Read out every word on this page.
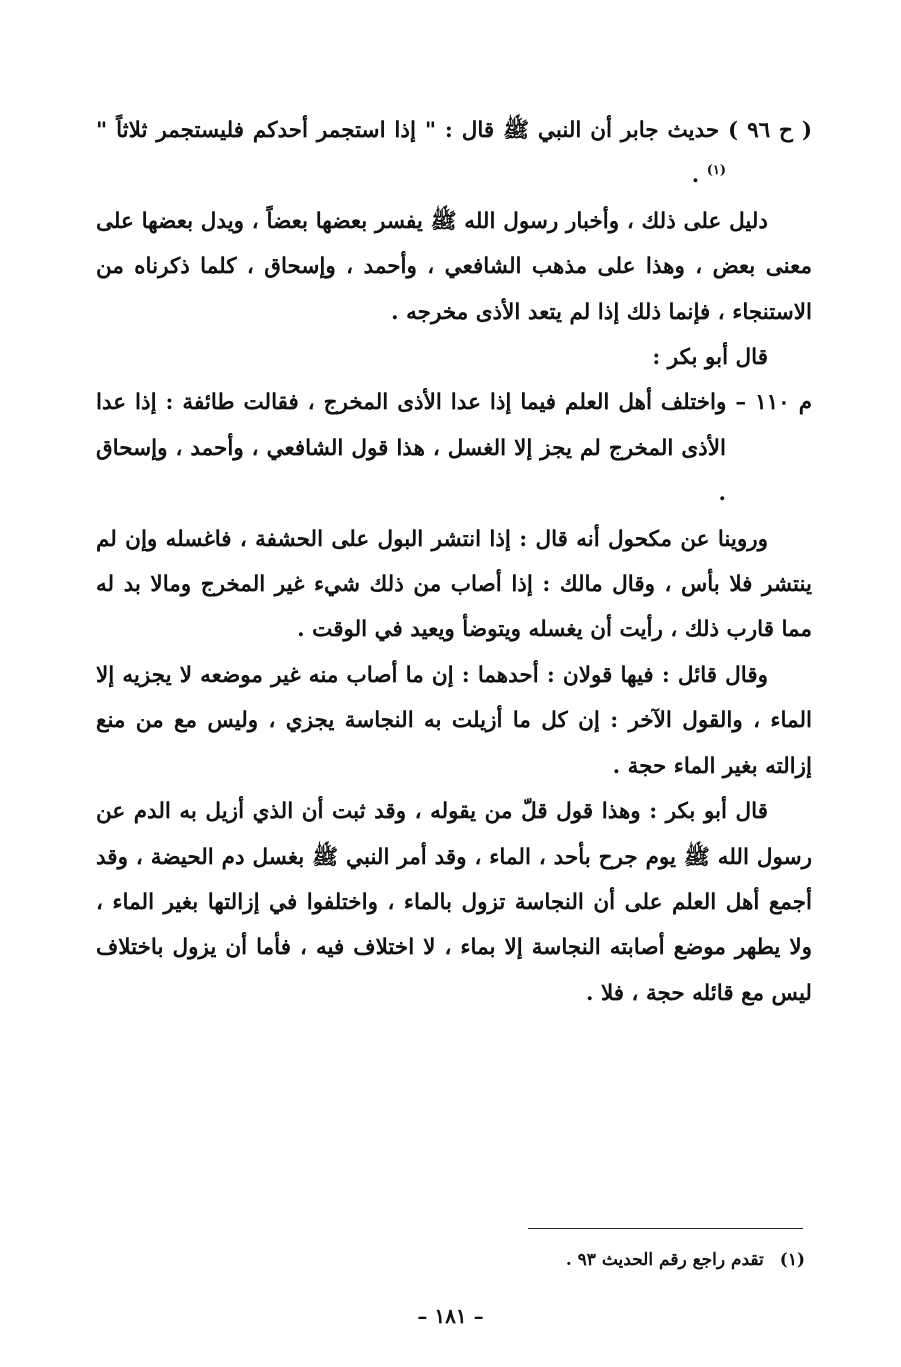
( ح ٩٦ ) حديث جابر أن النبي ﷺ قال : " إذا استجمر أحدكم فليستجمر ثلاثاً " $^{(١)}$ .

دليل على ذلك ، وأخبار رسول الله ﷺ يفسر بعضها بعضاً ، ويدل بعضها على معنى بعض ، وهذا على مذهب الشافعي ، وأحمد ، وإسحاق ، كلما ذكرناه من الاستنجاء ، فإنما ذلك إذا لم يتعد الأذى مخرجه .

قال أبو بكر :

م ١١٠ – واختلف أهل العلم فيما إذا عدا الأذى المخرج ، فقالت طائفة : إذا عدا الأذى المخرج لم يجز إلا الغسل ، هذا قول الشافعي ، وأحمد ، وإسحاق .

وروينا عن مكحول أنه قال : إذا انتشر البول على الحشفة ، فاغسله وإن لم ينتشر فلا بأس ، وقال مالك : إذا أصاب من ذلك شيء غير المخرج ومالا بد له مما قارب ذلك ، رأيت أن يغسله ويتوضأ ويعيد في الوقت .

وقال قائل : فيها قولان : أحدهما : إن ما أصاب منه غير موضعه لا يجزيه إلا الماء ، والقول الآخر : إن كل ما أزيلت به النجاسة يجزي ، وليس مع من منع إزالته بغير الماء حجة .

قال أبو بكر : وهذا قول قلّ من يقوله ، وقد ثبت أن الذي أزيل به الدم عن رسول الله ﷺ يوم جرح بأحد ، الماء ، وقد أمر النبي ﷺ بغسل دم الحيضة ، وقد أجمع أهل العلم على أن النجاسة تزول بالماء ، واختلفوا في إزالتها بغير الماء ، ولا يطهر موضع أصابته النجاسة إلا بماء ، لا اختلاف فيه ، فأما أن يزول باختلاف ليس مع قائله حجة ، فلا .

(١)تقدم راجع رقم الحديث ٩٣ .
– ١٨١ –
